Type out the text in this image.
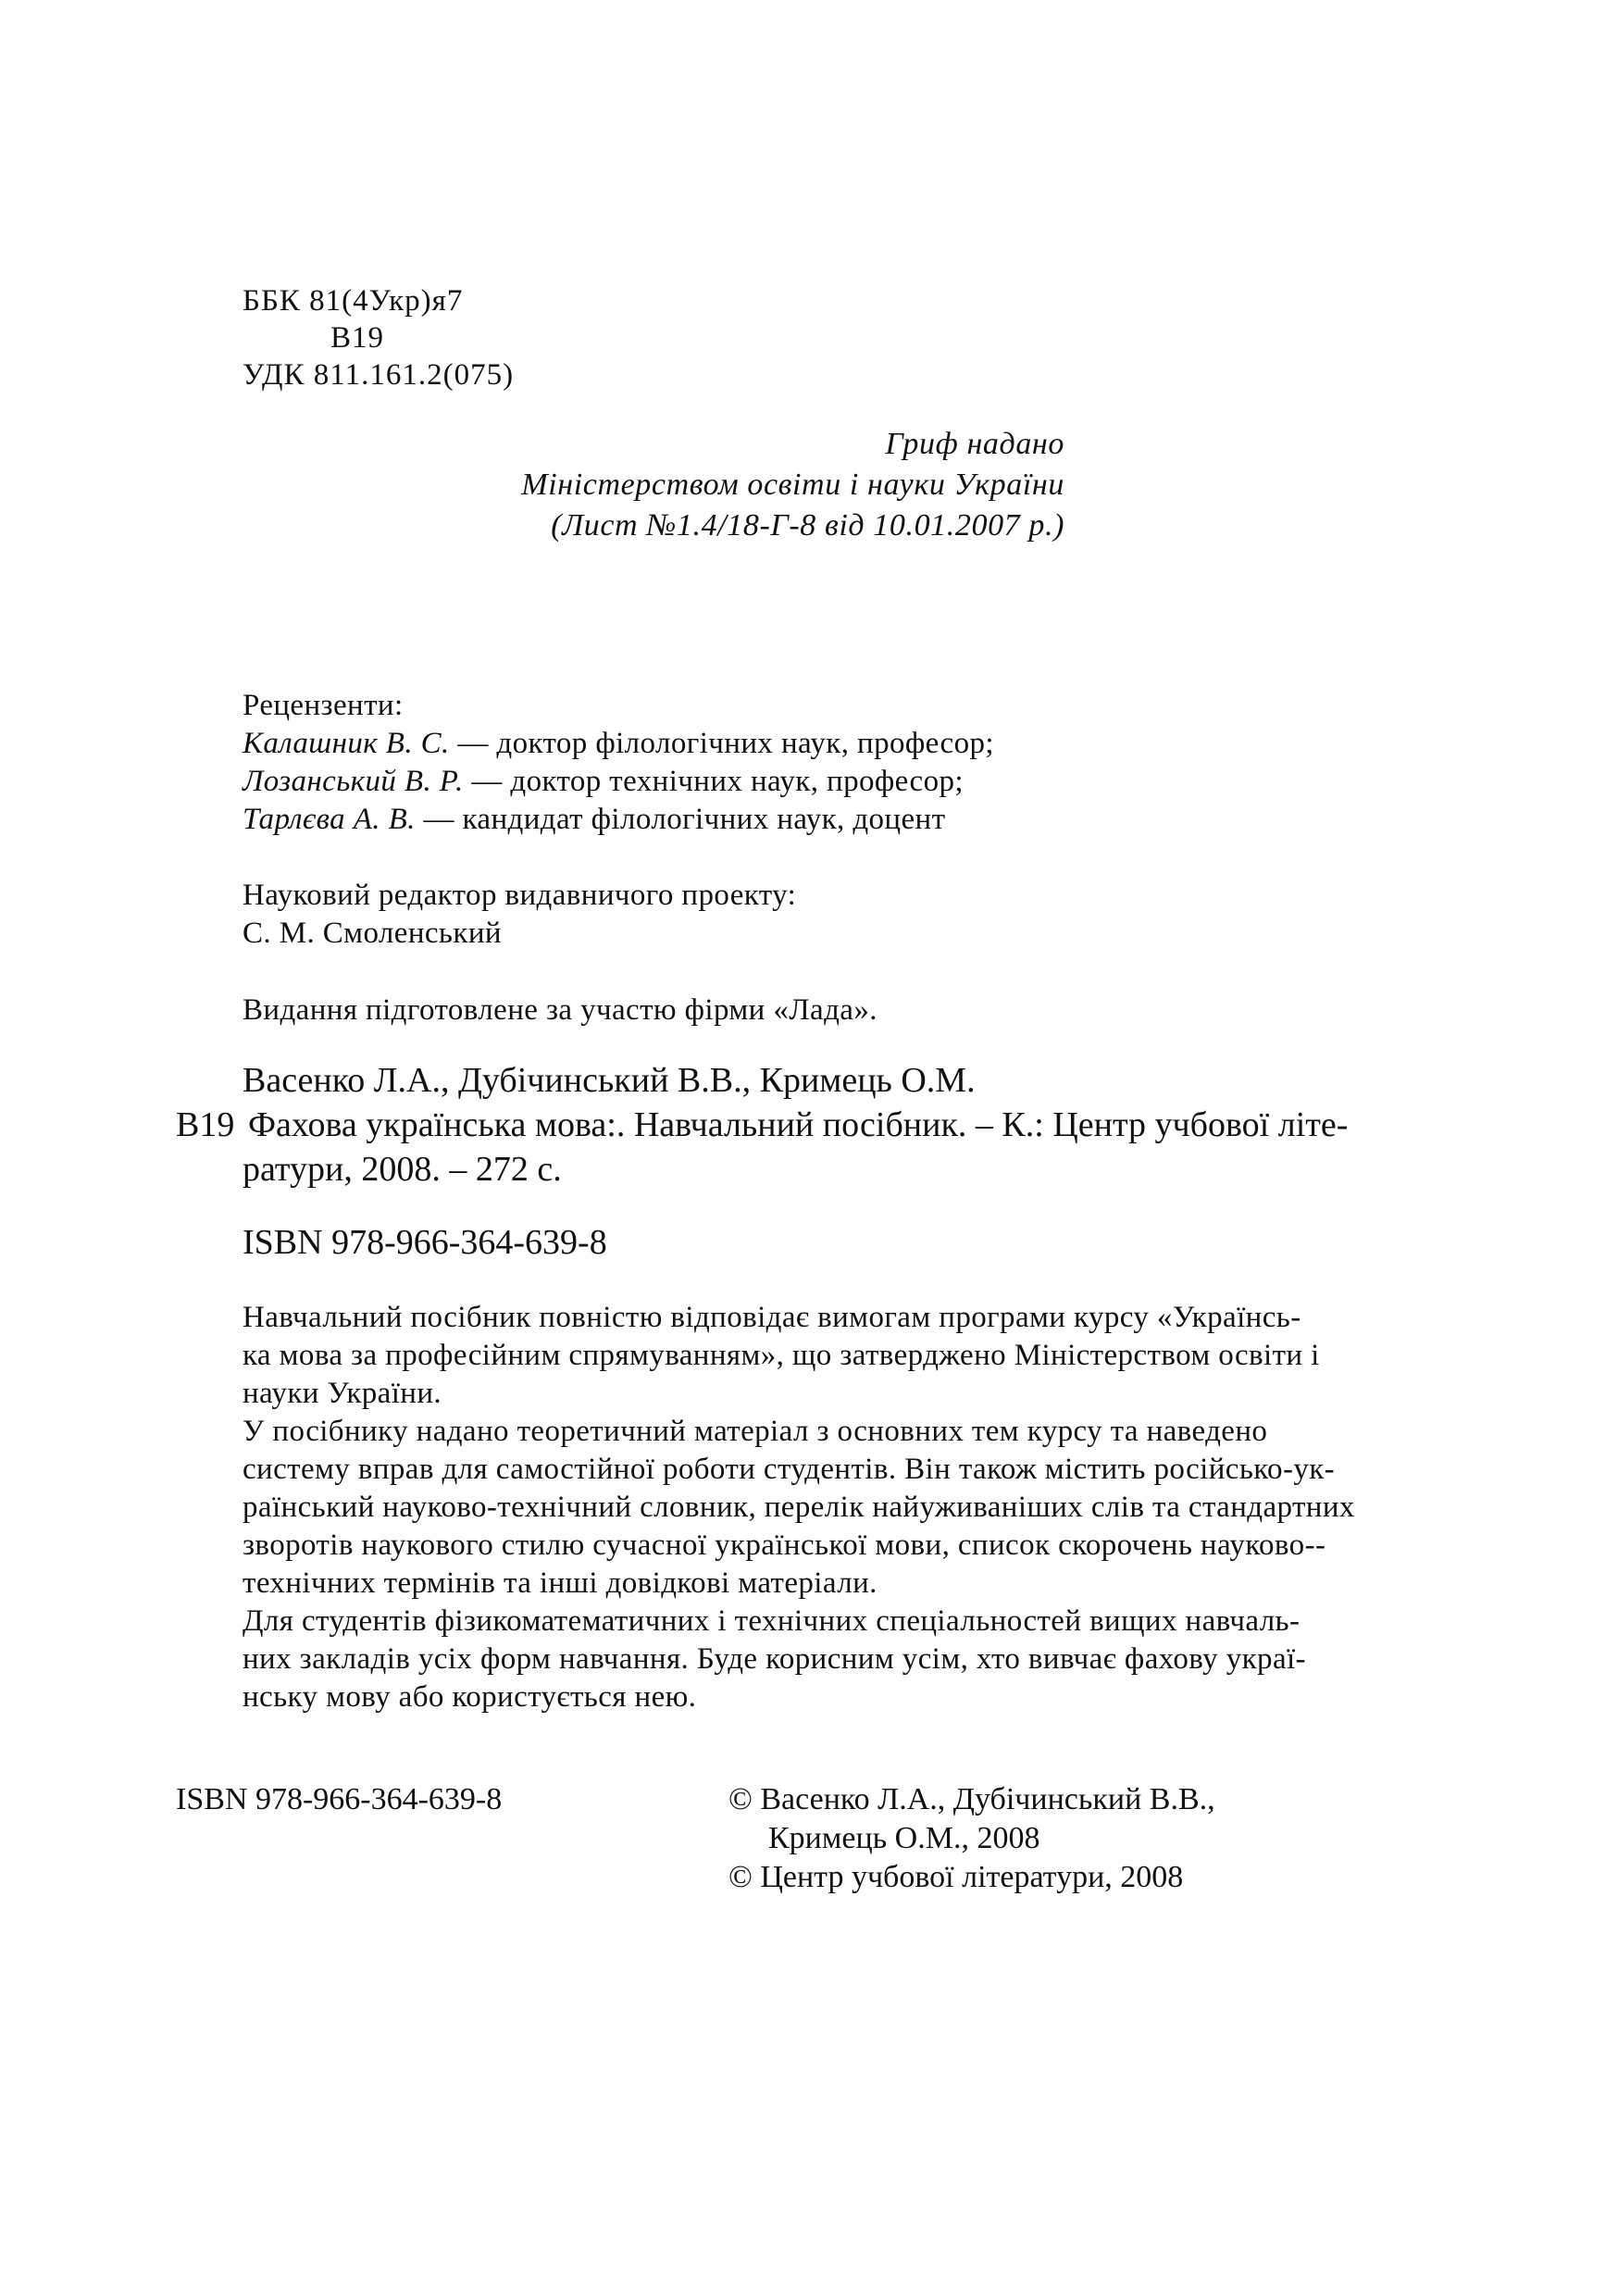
ББК 81(4Укр)я7
В19
УДК 811.161.2(075)
Гриф надано
Міністерством освіти і науки України
(Лист №1.4/18-Г-8 від 10.01.2007 р.)
Рецензенти:
Калашник В. С. — доктор філологічних наук, професор;
Лозанський В. Р. — доктор технічних наук, професор;
Тарлєва А. В. — кандидат філологічних наук, доцент
Науковий редактор видавничого проекту:
С. М. Смоленський
Видання підготовлене за участю фірми «Лада».
Васенко Л.А., Дубічинський В.В., Кримець О.М.
В19 Фахова українська мова:. Навчальний посібник. – К.: Центр учбової літе-
ратури, 2008. – 272 с.
ISBN 978-966-364-639-8
Навчальний посібник повністю відповідає вимогам програми курсу «Українсь-
ка мова за професійним спрямуванням», що затверджено Міністерством освіти і
науки України.
У посібнику надано теоретичний матеріал з основних тем курсу та наведено
систему вправ для самостійної роботи студентів. Він також містить російсько-ук-
раїнський науково-технічний словник, перелік найуживаніших слів та стандартних
зворотів наукового стилю сучасної української мови, список скорочень науково--
технічних термінів та інші довідкові матеріали.
Для студентів фізикоматематичних і технічних спеціальностей вищих навчаль-
них закладів усіх форм навчання. Буде корисним усім, хто вивчає фахову украї-
нську мову або користується нею.
ISBN 978-966-364-639-8	© Васенко Л.А., Дубічинський В.В.,
Кримець О.М., 2008
© Центр учбової літератури, 2008
